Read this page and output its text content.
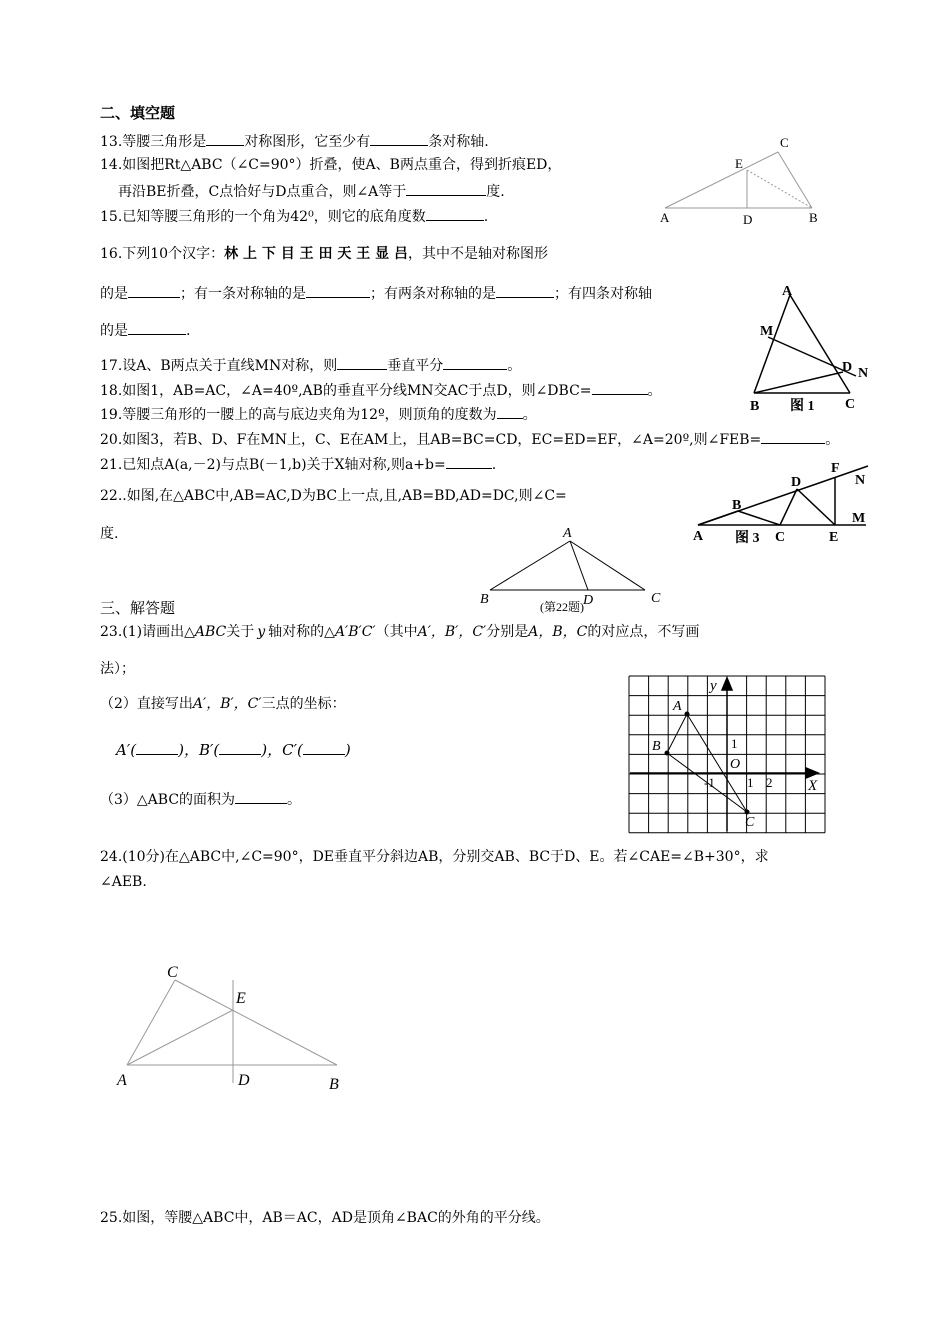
二、填空题
13.等腰三角形是	对称图形，它至少有	条对称轴.
14.如图把Rt△ABC（∠C=90°）折叠，使A、B两点重合，得到折痕ED，
再沿BE折叠，C点恰好与D点重合，则∠A等于	度.
15.已知等腰三角形的一个角为42⁰，则它的底角度数	.	A	B
C
D
E
16.下列10个汉字：林 上 下 目 王 田 天 王 显 吕，其中不是轴对称图形
的是	；有一条对称轴的是	；有两条对称轴的是	；有四条对称轴
的是	.
A
B	C
D
M
N
图 1
17.设A、B两点关于直线MN对称，则	垂直平分	。
18.如图1，AB=AC，∠A=40º,AB的垂直平分线MN交AC于点D，则∠DBC=	。
19.等腰三角形的一腰上的高与底边夹角为12º，则顶角的度数为 。
20.如图3，若B、D、F在MN上，C、E在AM上，且AB=BC=CD，EC=ED=EF，∠A=20º,则∠FEB=	。
21.已知点A(a,－2)与点B(－1,b)关于X轴对称,则a+b=	.
22..如图,在△ABC中,AB=AC,D为BC上一点,且,AB=BD,AD=DC,则∠C=
度.	A
B
C
D
E
F
M
N
图 3
A
B	C
D
(第22题)
三、解答题
23.(1)请画出△ABC关于 y 轴对称的△A′B′C′（其中A′，B′，C′分别是A，B，C的对应点，不写画
法）；
（2）直接写出A′，B′，C′三点的坐标：
A′(	)，B′(	)，C′(	)
（3）△ABC的面积为	。
y
X
O
1
1 2
-1
A
B
C
24.(10分)在△ABC中,∠C=90°，DE垂直平分斜边AB，分别交AB、BC于D、E。若∠CAE=∠B+30°，求
∠AEB.
A	B
C
D
E
25.如图，等腰△ABC中，AB＝AC，AD是顶角∠BAC的外角的平分线。
